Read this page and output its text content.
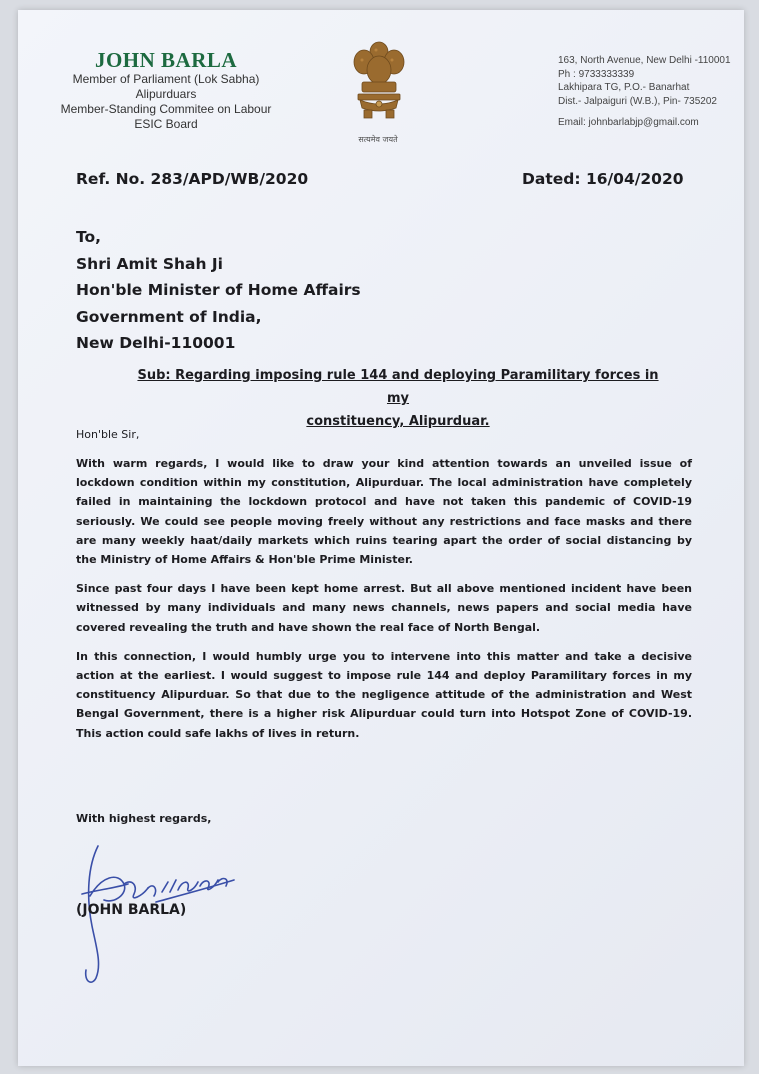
JOHN BARLA
Member of Parliament (Lok Sabha)
Alipurduars
Member-Standing Commitee on Labour
ESIC Board
सत्यमेव जयते
163, North Avenue, New Delhi -110001
Ph : 9733333339
Lakhipara TG, P.O.- Banarhat
Dist.- Jalpaiguri (W.B.), Pin- 735202
Email: johnbarlabjp@gmail.com
Ref. No. 283/APD/WB/2020	Dated: 16/04/2020
To,
Shri Amit Shah Ji
Hon'ble Minister of Home Affairs
Government of India,
New Delhi-110001
Sub: Regarding imposing rule 144 and deploying Paramilitary forces in my
constituency, Alipurduar.
Hon'ble Sir,

With warm regards, I would like to draw your kind attention towards an unveiled issue of lockdown condition within my constitution, Alipurduar. The local administration have completely failed in maintaining the lockdown protocol and have not taken this pandemic of COVID-19 seriously. We could see people moving freely without any restrictions and face masks and there are many weekly haat/daily markets which ruins tearing apart the order of social distancing by the Ministry of Home Affairs & Hon'ble Prime Minister.

Since past four days I have been kept home arrest. But all above mentioned incident have been witnessed by many individuals and many news channels, news papers and social media have covered revealing the truth and have shown the real face of North Bengal.

In this connection, I would humbly urge you to intervene into this matter and take a decisive action at the earliest. I would suggest to impose rule 144 and deploy Paramilitary forces in my constituency Alipurduar. So that due to the negligence attitude of the administration and West Bengal Government, there is a higher risk Alipurduar could turn into Hotspot Zone of COVID-19. This action could safe lakhs of lives in return.

With highest regards,
(JOHN BARLA)
